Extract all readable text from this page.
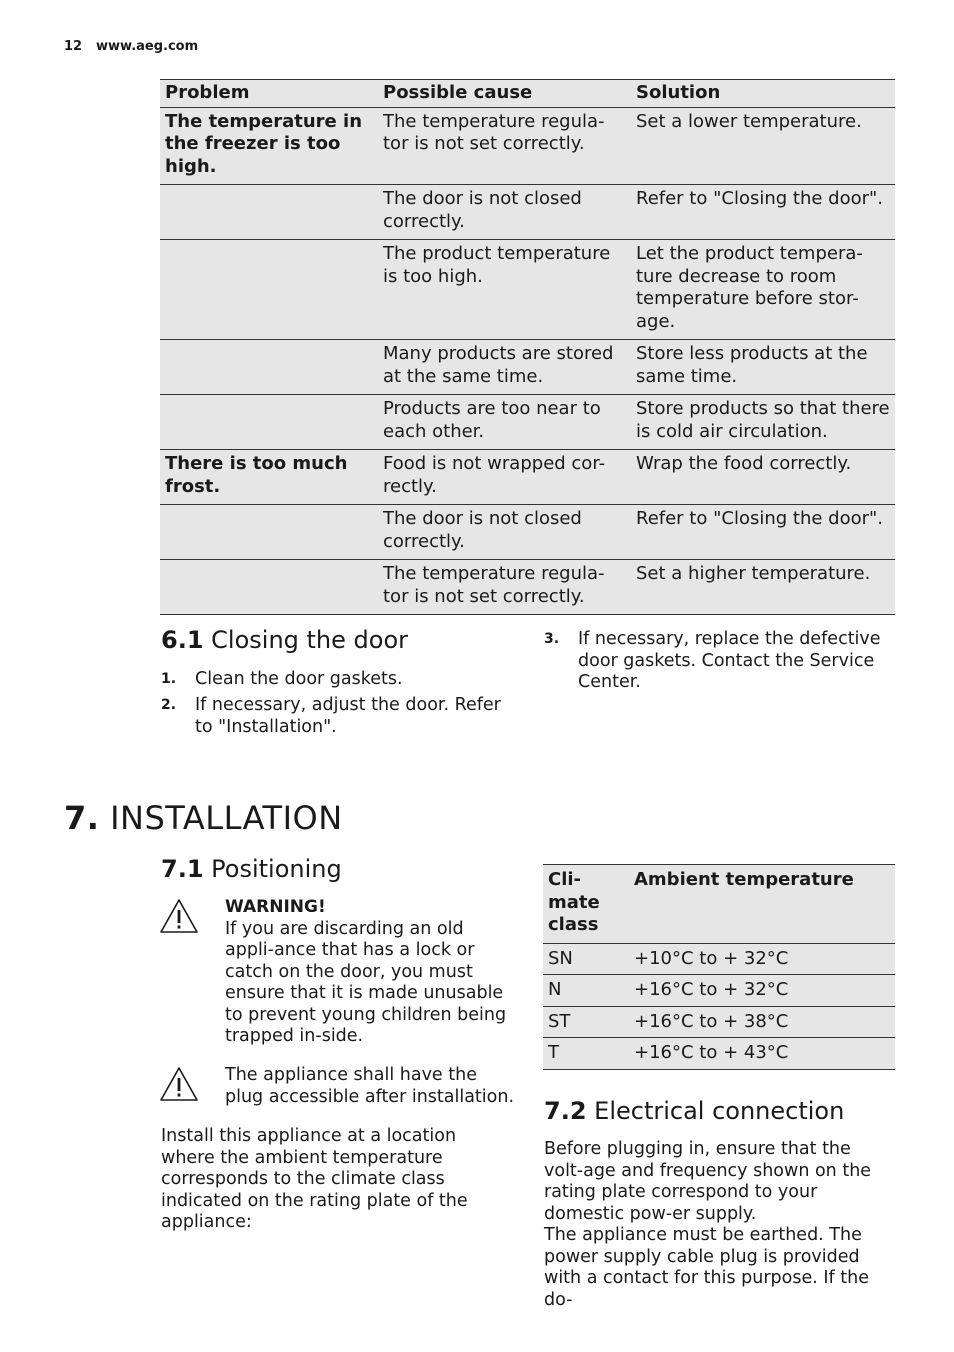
12 www.aeg.com
Problem	Possible cause	Solution
The temperature in the freezer is too high.	The temperature regula-tor is not set correctly.	Set a lower temperature.
	The door is not closed correctly.	Refer to "Closing the door".
	The product temperature is too high.	Let the product tempera-ture decrease to room temperature before stor-age.
	Many products are stored at the same time.	Store less products at the same time.
	Products are too near to each other.	Store products so that there is cold air circulation.
There is too much frost.	Food is not wrapped cor-rectly.	Wrap the food correctly.
	The door is not closed correctly.	Refer to "Closing the door".
	The temperature regula-tor is not set correctly.	Set a higher temperature.
6.1 Closing the door
1.	Clean the door gaskets.
2.	If necessary, adjust the door. Refer to "Installation".
3.	If necessary, replace the defective door gaskets. Contact the Service Center.
7. INSTALLATION
7.1 Positioning
WARNING!
If you are discarding an old appli-ance that has a lock or catch on the door, you must ensure that it is made unusable to prevent young children being trapped in-side.
The appliance shall have the plug accessible after installation.
Install this appliance at a location where the ambient temperature corresponds to the climate class indicated on the rating plate of the appliance:
Cli-mate class	Ambient temperature
SN	+10°C to + 32°C
N	+16°C to + 32°C
ST	+16°C to + 38°C
T	+16°C to + 43°C
7.2 Electrical connection
Before plugging in, ensure that the volt-age and frequency shown on the rating plate correspond to your domestic pow-er supply.
The appliance must be earthed. The power supply cable plug is provided with a contact for this purpose. If the do-
